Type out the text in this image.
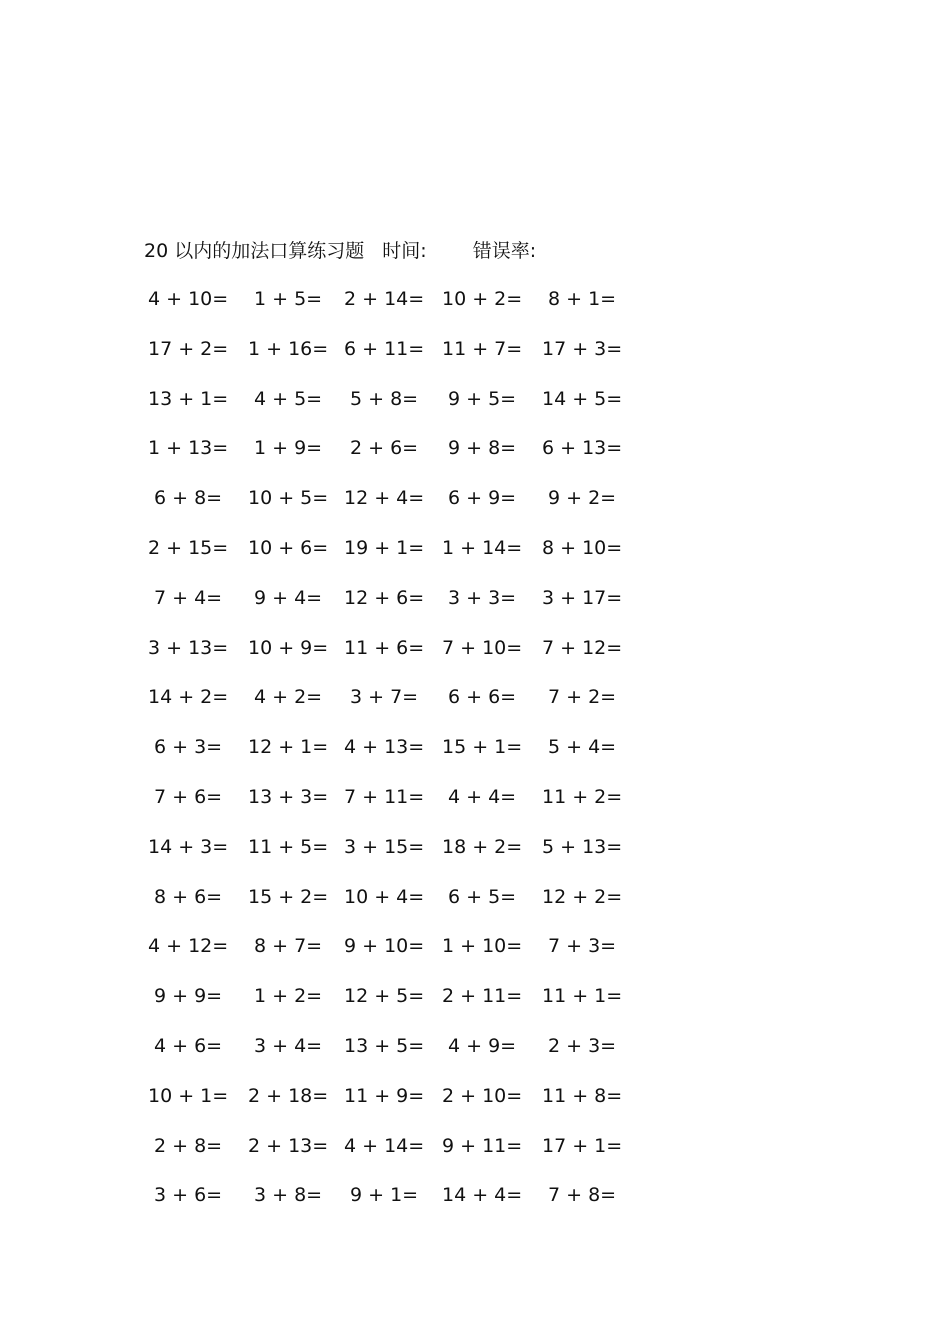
20 以内的加法口算练习题 时间: 错误率:
4 + 10= 1 + 5= 2 + 14= 10 + 2= 8 + 1=
17 + 2= 1 + 16= 6 + 11= 11 + 7= 17 + 3=
13 + 1= 4 + 5= 5 + 8= 9 + 5= 14 + 5=
1 + 13= 1 + 9= 2 + 6= 9 + 8= 6 + 13=
6 + 8= 10 + 5= 12 + 4= 6 + 9= 9 + 2=
2 + 15= 10 + 6= 19 + 1= 1 + 14= 8 + 10=
7 + 4= 9 + 4= 12 + 6= 3 + 3= 3 + 17=
3 + 13= 10 + 9= 11 + 6= 7 + 10= 7 + 12=
14 + 2= 4 + 2= 3 + 7= 6 + 6= 7 + 2=
6 + 3= 12 + 1= 4 + 13= 15 + 1= 5 + 4=
7 + 6= 13 + 3= 7 + 11= 4 + 4= 11 + 2=
14 + 3= 11 + 5= 3 + 15= 18 + 2= 5 + 13=
8 + 6= 15 + 2= 10 + 4= 6 + 5= 12 + 2=
4 + 12= 8 + 7= 9 + 10= 1 + 10= 7 + 3=
9 + 9= 1 + 2= 12 + 5= 2 + 11= 11 + 1=
4 + 6= 3 + 4= 13 + 5= 4 + 9= 2 + 3=
10 + 1= 2 + 18= 11 + 9= 2 + 10= 11 + 8=
2 + 8= 2 + 13= 4 + 14= 9 + 11= 17 + 1=
3 + 6= 3 + 8= 9 + 1= 14 + 4= 7 + 8=
